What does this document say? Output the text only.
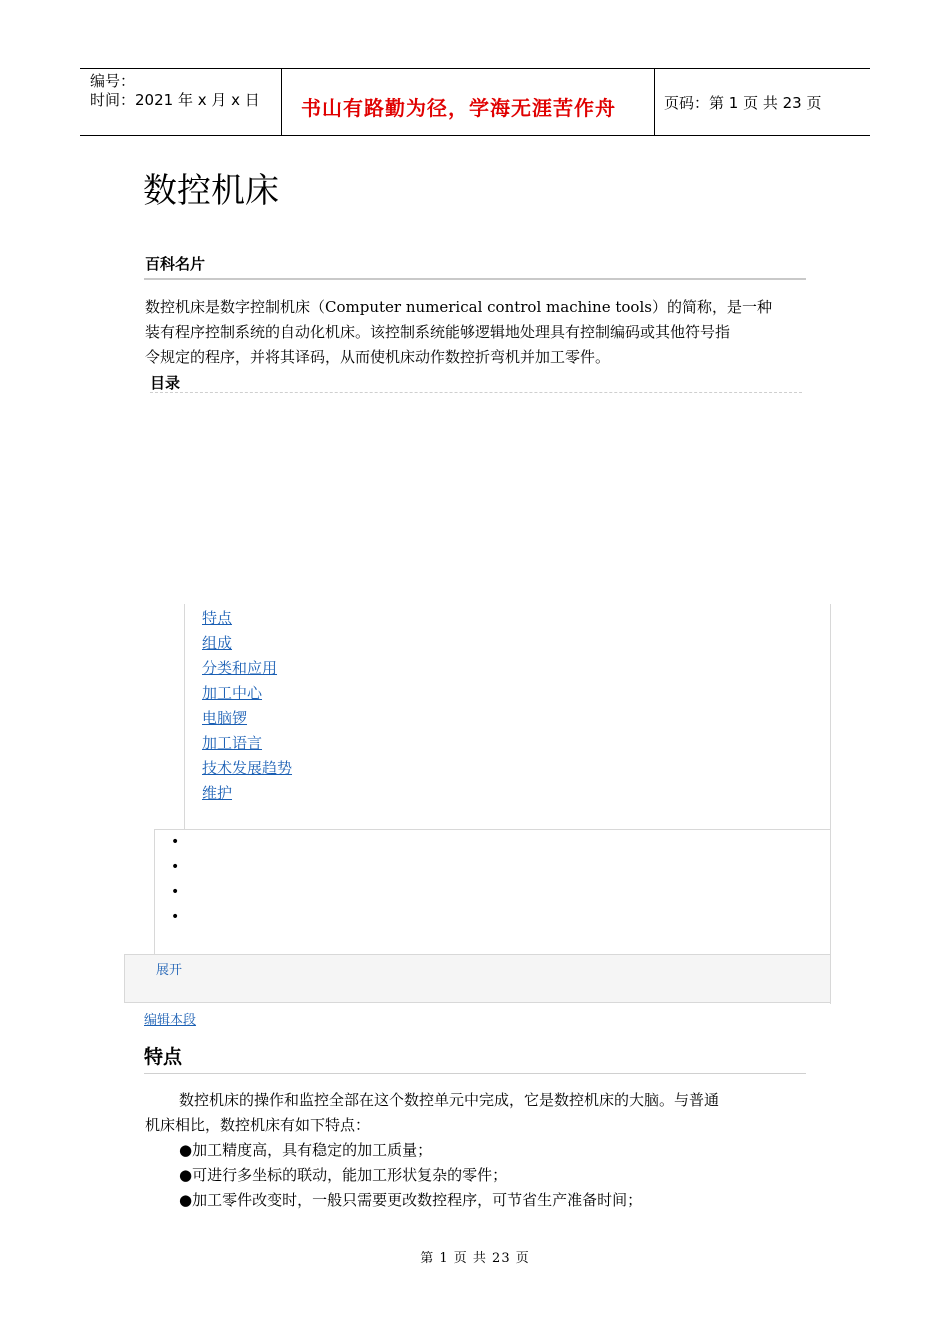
编号：
时间：2021 年 x 月 x 日 书山有路勤为径，学海无涯苦作舟	页码：第 1 页 共 23 页
数控机床
百科名片
数控机床是数字控制机床（Computer numerical control machine tools）的简称，是一种
装有程序控制系统的自动化机床。该控制系统能够逻辑地处理具有控制编码或其他符号指
令规定的程序，并将其译码，从而使机床动作数控折弯机并加工零件。
目录
特点
组成
分类和应用
加工中心
电脑锣
加工语言
技术发展趋势
维护
•
•
•
•
展开
编辑本段
特点
数控机床的操作和监控全部在这个数控单元中完成，它是数控机床的大脑。与普通
机床相比，数控机床有如下特点：
●加工精度高，具有稳定的加工质量；
●可进行多坐标的联动，能加工形状复杂的零件；
●加工零件改变时，一般只需要更改数控程序，可节省生产准备时间；
第 1 页 共 23 页
